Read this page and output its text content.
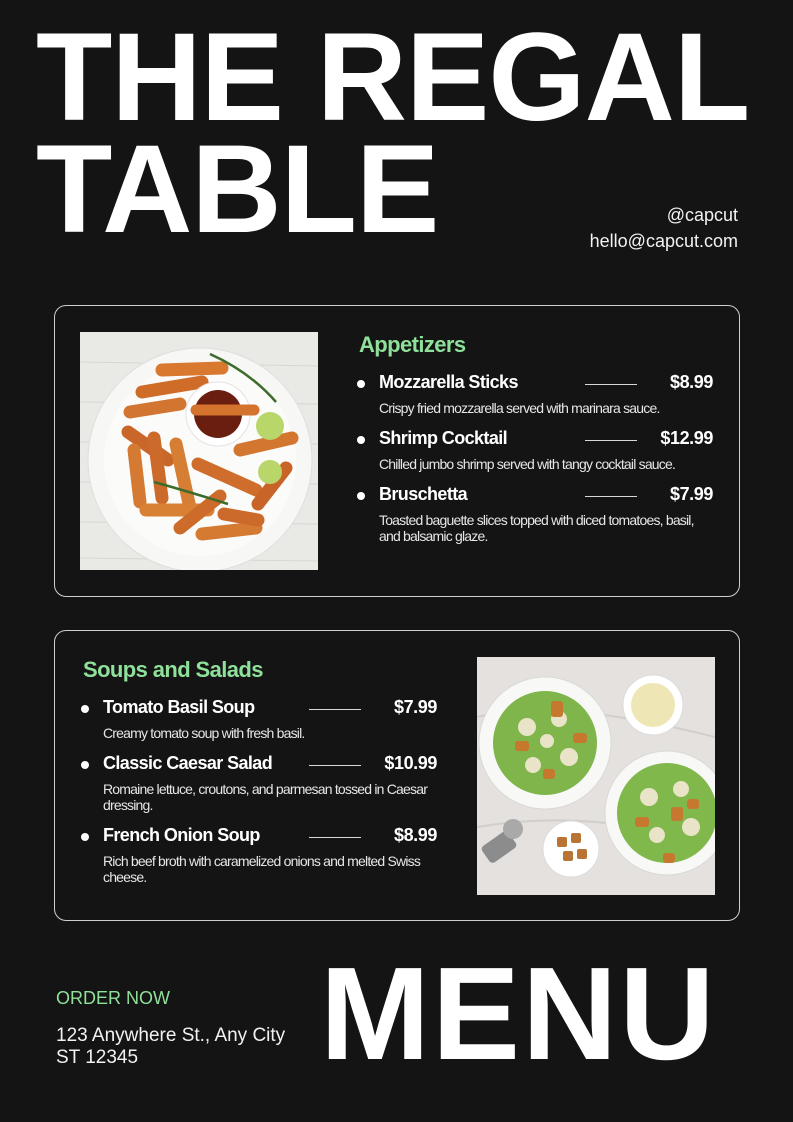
THE REGAL
TABLE	@capcut
hello@capcut.com
Appetizers
Mozzarella Sticks	$8.99
Crispy fried mozzarella served with marinara sauce.
Shrimp Cocktail	$12.99
Chilled jumbo shrimp served with tangy cocktail sauce.
Bruschetta	$7.99
Toasted baguette slices topped with diced tomatoes, basil, and balsamic glaze.
Soups and Salads
Tomato Basil Soup	$7.99
Creamy tomato soup with fresh basil.
Classic Caesar Salad	$10.99
Romaine lettuce, croutons, and parmesan tossed in Caesar dressing.
French Onion Soup	$8.99
Rich beef broth with caramelized onions and melted Swiss cheese.
ORDER NOW
123 Anywhere St., Any City ST 12345	MENU
